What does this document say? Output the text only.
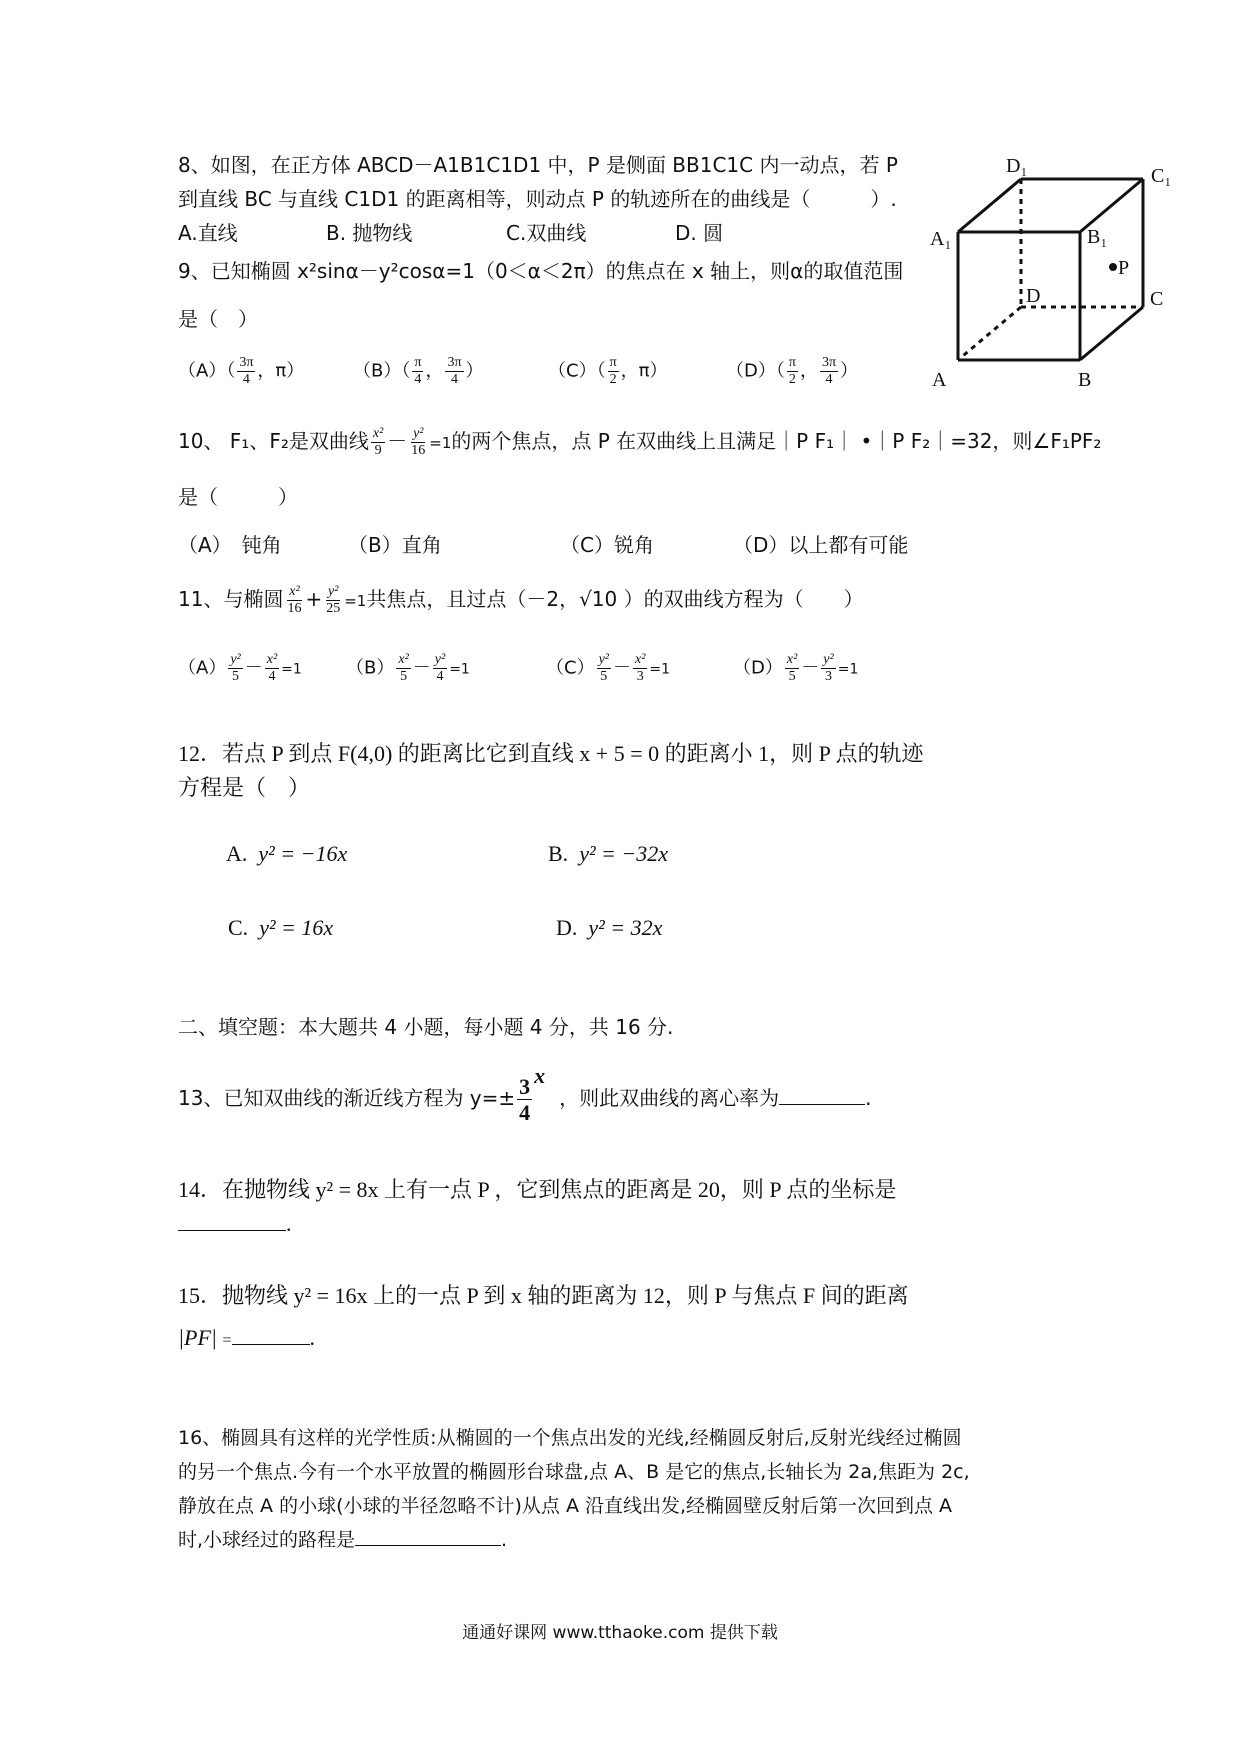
8、如图，在正方体 ABCD－A1B1C1D1 中，P 是侧面 BB1C1C 内一动点，若 P
到直线 BC 与直线 C1D1 的距离相等，则动点 P 的轨迹所在的曲线是（　　　）.
A.直线	B. 抛物线	C.双曲线	D. 圆
9、已知椭圆 x²sinα－y²cosα=1（0＜α＜2π）的焦点在 x 轴上，则α的取值范围
是（　）
$(A)( \frac{3\pi}{4}$ ，π）	$(B)( \frac{\pi}{4}$ ， $\frac{3\pi}{4}$ ）	$(C)( \frac{\pi}{2}$ ，π）	$(D)( \frac{\pi}{2}$ ， $\frac{3\pi}{4}$ ）
10、 F₁、F₂是双曲线 $\frac{\text{x²}}{9} - \frac{\text{y²}}{16} =1$的两个焦点，点 P 在双曲线上且满足｜P F₁｜ •｜P F₂｜=32，则∠F₁PF₂
是（　　　）
（A）　钝角	（B）直角	（C）锐角	（D）以上都有可能
11、与椭圆 $\frac{\text{x²}}{16} + \frac{\text{y²}}{25} =1$共焦点，且过点（－2，√10 ）的双曲线方程为（　　）
$(A) \frac{\text{y²}}{5} - \frac{\text{x²}}{4} =1$ $(B) \frac{\text{x²}}{5} - \frac{\text{y²}}{4} =1$	$(C) \frac{\text{y²}}{5} - \frac{\text{x²}}{3} =1$	$(D) \frac{\text{x²}}{5} - \frac{\text{y²}}{3} =1$
12．若点 P 到点 F(4,0) 的距离比它到直线 x + 5 = 0 的距离小 1，则 P 点的轨迹
方程是（　）
A. y² = −16x	B. y² = −32x
C. y² = 16x	D. y² = 32x
二、填空题：本大题共 4 小题，每小题 4 分，共 16 分.
13、已知双曲线的渐近线方程为 $y=\pm \frac{3}{4}$ x，则此双曲线的离心率为	.
14．在抛物线 y² = 8x 上有一点 P ，它到焦点的距离是 20，则 P 点的坐标是
.
15．抛物线 y² = 16x 上的一点 P 到 x 轴的距离为 12，则 P 与焦点 F 间的距离
|PF| =	.
16、椭圆具有这样的光学性质:从椭圆的一个焦点出发的光线,经椭圆反射后,反射光线经过椭圆
的另一个焦点.今有一个水平放置的椭圆形台球盘,点 A、B 是它的焦点,长轴长为 2a,焦距为 2c,
静放在点 A 的小球(小球的半径忽略不计)从点 A 沿直线出发,经椭圆壁反射后第一次回到点 A
时,小球经过的路程是	.
通通好课网 www.tthaoke.com 提供下载
D₁	C₁
A₁	B₁
P
D	C
A	B
